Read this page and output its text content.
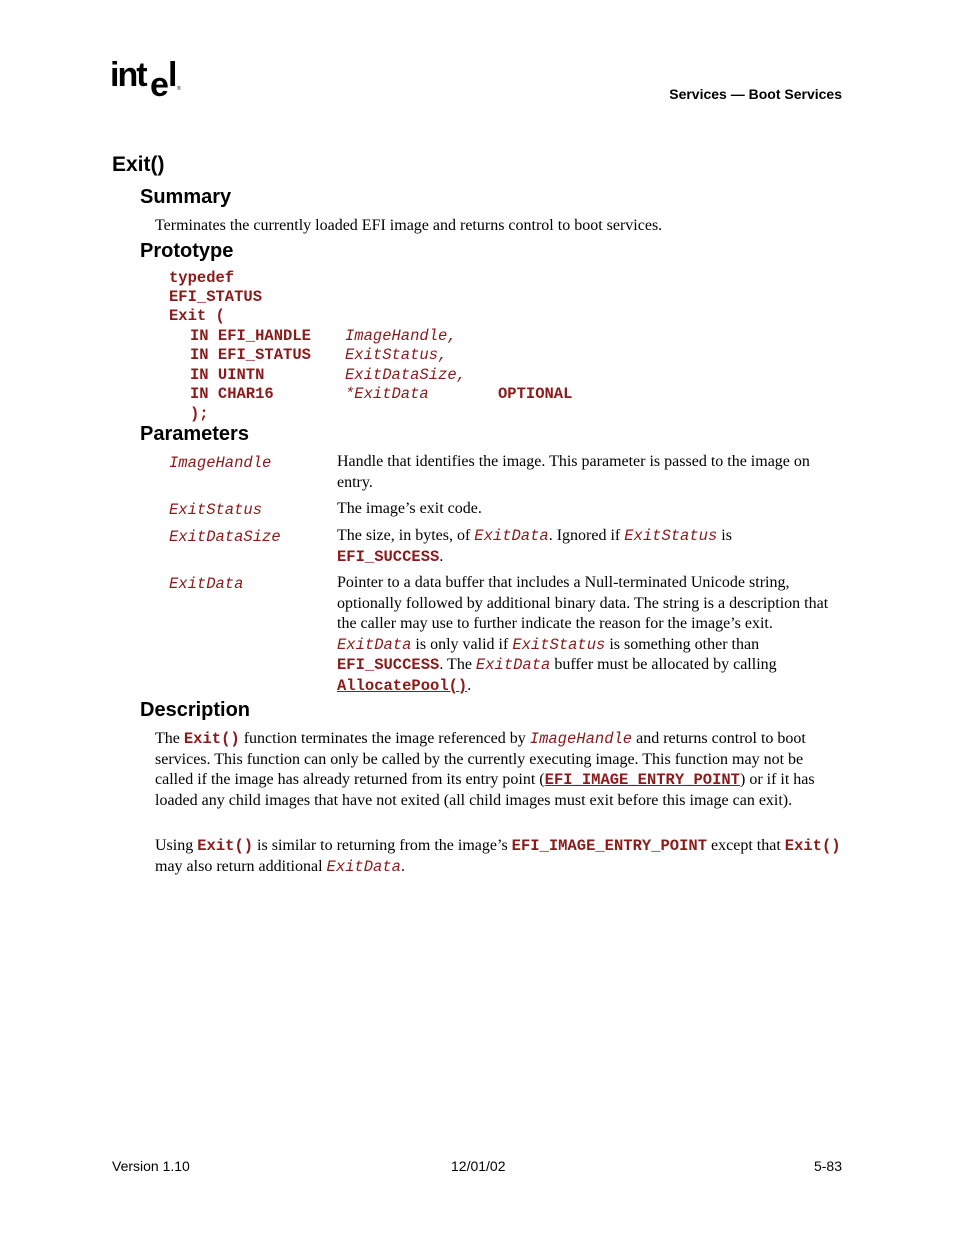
int e l ®	Services — Boot Services
Exit()
Summary
Terminates the currently loaded EFI image and returns control to boot services.
Prototype
typedef
EFI_STATUS
Exit (
IN EFI_HANDLE ImageHandle,
IN EFI_STATUS ExitStatus,
IN UINTN	ExitDataSize,
IN CHAR16	*ExitData	OPTIONAL
);
Parameters
ImageHandle	Handle that identifies the image. This parameter is passed to the image on entry.
ExitStatus	The image’s exit code.
ExitDataSize	The size, in bytes, of ExitData. Ignored if ExitStatus is
EFI_SUCCESS.
ExitData	Pointer to a data buffer that includes a Null-terminated Unicode string, optionally followed by additional binary data. The string is a description that the caller may use to further indicate the reason for the image’s exit.
ExitData is only valid if ExitStatus is something other than
EFI_SUCCESS. The ExitData buffer must be allocated by calling
AllocatePool().
Description
The Exit() function terminates the image referenced by ImageHandle and returns control to boot services. This function can only be called by the currently executing image. This function may not be called if the image has already returned from its entry point (EFI_IMAGE_ENTRY_POINT) or if it has loaded any child images that have not exited (all child images must exit before this image can exit).
Using Exit() is similar to returning from the image’s EFI_IMAGE_ENTRY_POINT except that Exit() may also return additional ExitData.
Version 1.10	12/01/02	5-83
